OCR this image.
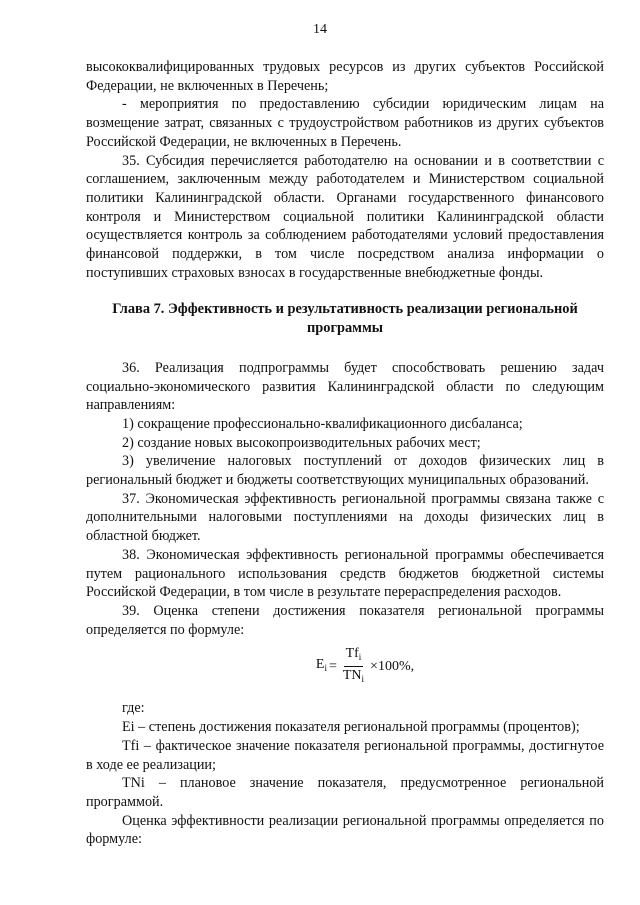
14

высококвалифицированных трудовых ресурсов из других субъектов Российской Федерации, не включенных в Перечень;

- мероприятия по предоставлению субсидии юридическим лицам на возмещение затрат, связанных с трудоустройством работников из других субъектов Российской Федерации, не включенных в Перечень.

35. Субсидия перечисляется работодателю на основании и в соответствии с соглашением, заключенным между работодателем и Министерством социальной политики Калининградской области. Органами государственного финансового контроля и Министерством социальной политики Калининградской области осуществляется контроль за соблюдением работодателями условий предоставления финансовой поддержки, в том числе посредством анализа информации о поступивших страховых взносах в государственные внебюджетные фонды.

Глава 7. Эффективность и результативность реализации региональной программы

36. Реализация подпрограммы будет способствовать решению задач социально-экономического развития Калининградской области по следующим направлениям:

1) сокращение профессионально-квалификационного дисбаланса;

2) создание новых высокопроизводительных рабочих мест;

3) увеличение налоговых поступлений от доходов физических лиц в региональный бюджет и бюджеты соответствующих муниципальных образований.

37. Экономическая эффективность региональной программы связана также с дополнительными налоговыми поступлениями на доходы физических лиц в областной бюджет.

38. Экономическая эффективность региональной программы обеспечивается путем рационального использования средств бюджетов бюджетной системы Российской Федерации, в том числе в результате перераспределения расходов.

39. Оценка степени достижения показателя региональной программы определяется по формуле:

$E_i = \frac{Tf_i}{TN_i} \times 100\%$,

где:

Ei – степень достижения показателя региональной программы (процентов);

Tfi – фактическое значение показателя региональной программы, достигнутое в ходе ее реализации;

TNi – плановое значение показателя, предусмотренное региональной программой.

Оценка эффективности реализации региональной программы определяется по формуле:
